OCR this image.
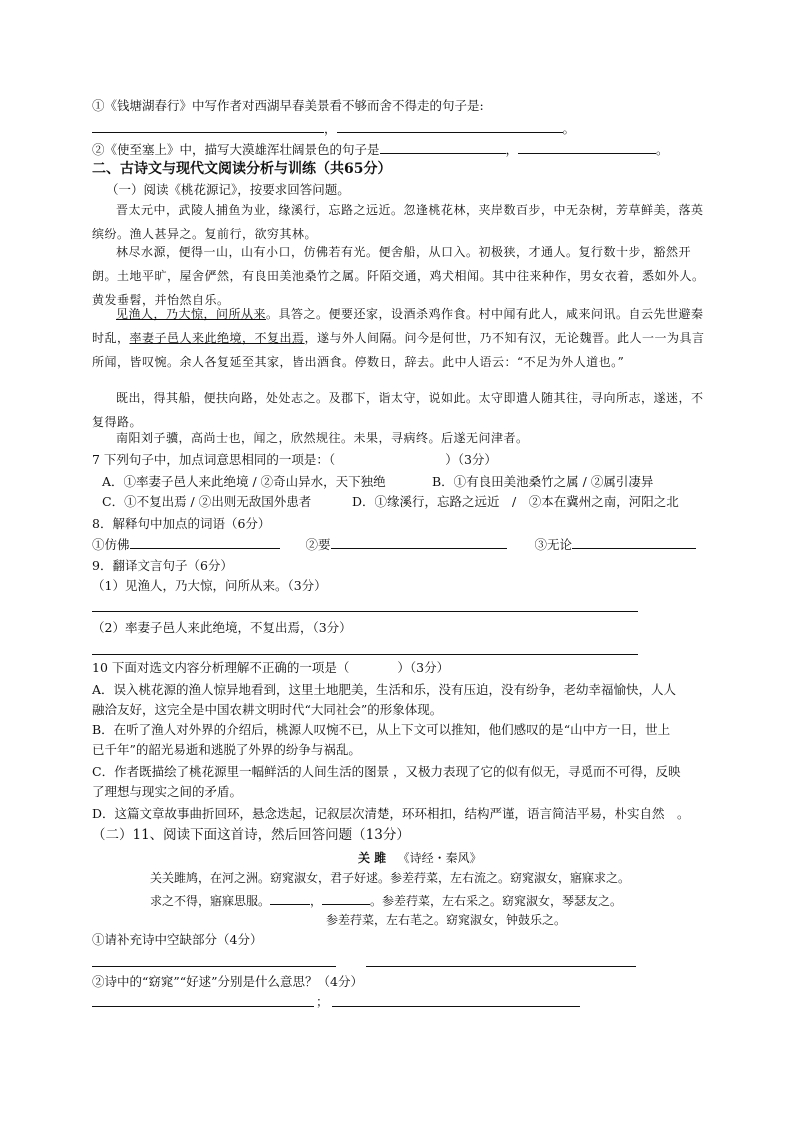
①《钱塘湖春行》中写作者对西湖早春美景看不够而舍不得走的句子是:
，	。
②《使至塞上》中，描写大漠雄浑壮阔景色的句子是	，	。
二、古诗文与现代文阅读分析与训练（共65分）
（一）阅读《桃花源记》，按要求回答问题。
晋太元中，武陵人捕鱼为业，缘溪行，忘路之远近。忽逢桃花林，夹岸数百步，中无杂树，芳草鲜美，落英缤纷。渔人甚异之。复前行，欲穷其林。
林尽水源，便得一山，山有小口，仿佛若有光。便舍船，从口入。初极狭，才通人。复行数十步，豁然开朗。土地平旷，屋舍俨然，有良田美池桑竹之属。阡陌交通，鸡犬相闻。其中往来种作，男女衣着，悉如外人。黄发垂髫，并怡然自乐。
见渔人，乃大惊，问所从来。具答之。便要还家，设酒杀鸡作食。村中闻有此人，咸来问讯。自云先世避秦时乱，率妻子邑人来此绝境，不复出焉，遂与外人间隔。问今是何世，乃不知有汉，无论魏晋。此人一一为具言所闻，皆叹惋。余人各复延至其家，皆出酒食。停数日，辞去。此中人语云：“不足为外人道也。”
既出，得其船，便扶向路，处处志之。及郡下，诣太守，说如此。太守即遣人随其往，寻向所志，遂迷，不复得路。
南阳刘子骥，高尚士也，闻之，欣然规往。未果，寻病终。后遂无问津者。
7 下列句子中，加点词意思相同的一项是：（	）（3分）
A．①率妻子邑人来此绝境 / ②奇山异水，天下独绝	B．①有良田美池桑竹之属 / ②属引凄异
C．①不复出焉 / ②出则无敌国外患者	D．①缘溪行，忘路之远近　/　②本在冀州之南，河阳之北
8．解释句中加点的词语（6分）
①仿佛	②要	③无论
9．翻译文言句子（6分）
（1）见渔人，乃大惊，问所从来。（3分）
（2）率妻子邑人来此绝境，不复出焉，（3分）
10 下面对选文内容分析理解不正确的一项是（	）（3分）
A．误入桃花源的渔人惊异地看到，这里土地肥美，生活和乐，没有压迫，没有纷争，老幼幸福愉快，人人
融洽友好，这完全是中国农耕文明时代“大同社会”的形象体现。
B．在听了渔人对外界的介绍后，桃源人叹惋不已，从上下文可以推知，他们感叹的是“山中方一日，世上
已千年”的韶光易逝和逃脱了外界的纷争与祸乱。
C．作者既描绘了桃花源里一幅鲜活的人间生活的图景 ，又极力表现了它的似有似无，寻觅而不可得，反映
了理想与现实之间的矛盾。
D．这篇文章故事曲折回环，悬念迭起，记叙层次清楚，环环相扣，结构严谨，语言简洁平易，朴实自然　。
（二）11、阅读下面这首诗，然后回答问题（13分）
关 雎 《诗经・秦风》
关关雎鸠，在河之洲。窈窕淑女，君子好逑。参差荇菜，左右流之。窈窕淑女，寤寐求之。
求之不得，寤寐思服。	，	。参差荇菜，左右采之。窈窕淑女，琴瑟友之。
参差荇菜，左右芼之。窈窕淑女，钟鼓乐之。
①请补充诗中空缺部分（4分）
②诗中的“窈窕”“好逑”分别是什么意思？（4分）
；
